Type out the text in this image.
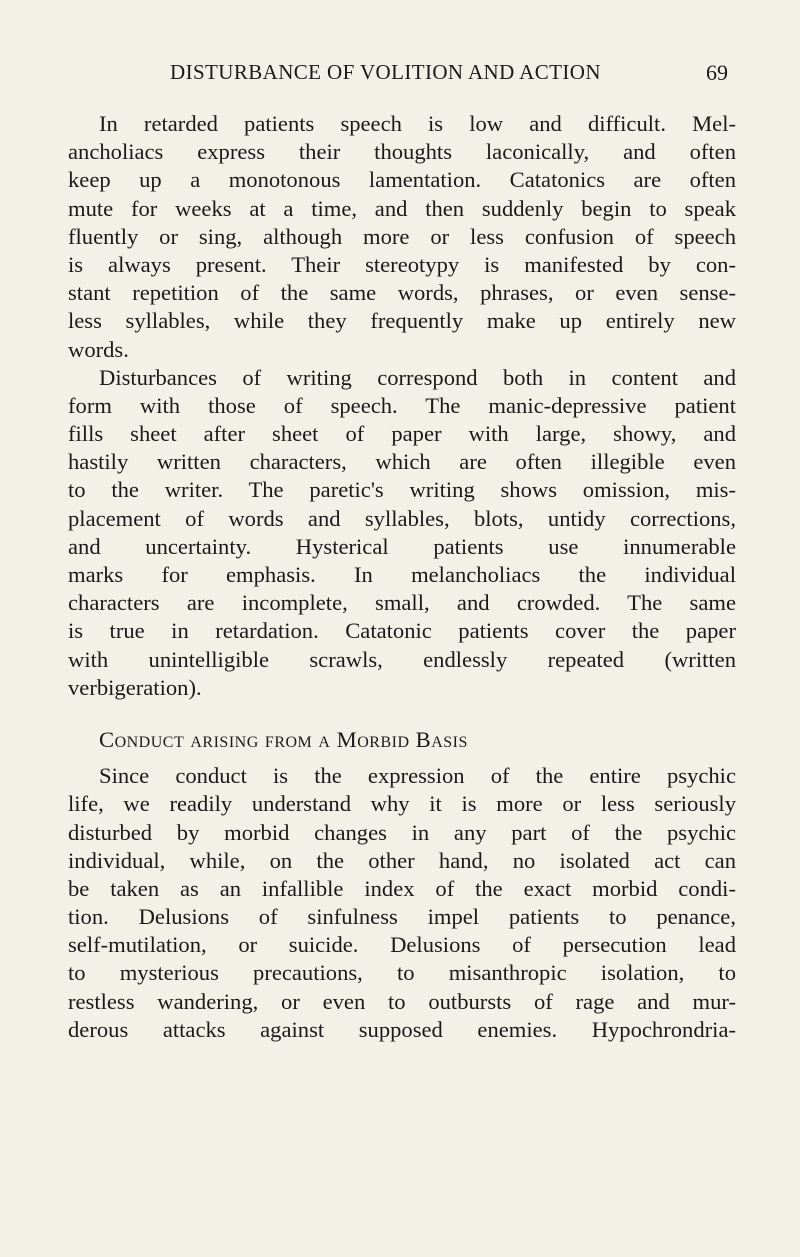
DISTURBANCE OF VOLITION AND ACTION	69
In retarded patients speech is low and difficult. Mel-
ancholiacs express their thoughts laconically, and often
keep up a monotonous lamentation. Catatonics are often
mute for weeks at a time, and then suddenly begin to speak
fluently or sing, although more or less confusion of speech
is always present. Their stereotypy is manifested by con-
stant repetition of the same words, phrases, or even sense-
less syllables, while they frequently make up entirely new
words.
Disturbances of writing correspond both in content and
form with those of speech. The manic-depressive patient
fills sheet after sheet of paper with large, showy, and
hastily written characters, which are often illegible even
to the writer. The paretic's writing shows omission, mis-
placement of words and syllables, blots, untidy corrections,
and uncertainty. Hysterical patients use innumerable
marks for emphasis. In melancholiacs the individual
characters are incomplete, small, and crowded. The same
is true in retardation. Catatonic patients cover the paper
with unintelligible scrawls, endlessly repeated (written
verbigeration).
Conduct arising from a Morbid Basis
Since conduct is the expression of the entire psychic
life, we readily understand why it is more or less seriously
disturbed by morbid changes in any part of the psychic
individual, while, on the other hand, no isolated act can
be taken as an infallible index of the exact morbid condi-
tion. Delusions of sinfulness impel patients to penance,
self-mutilation, or suicide. Delusions of persecution lead
to mysterious precautions, to misanthropic isolation, to
restless wandering, or even to outbursts of rage and mur-
derous attacks against supposed enemies. Hypochrondria-
